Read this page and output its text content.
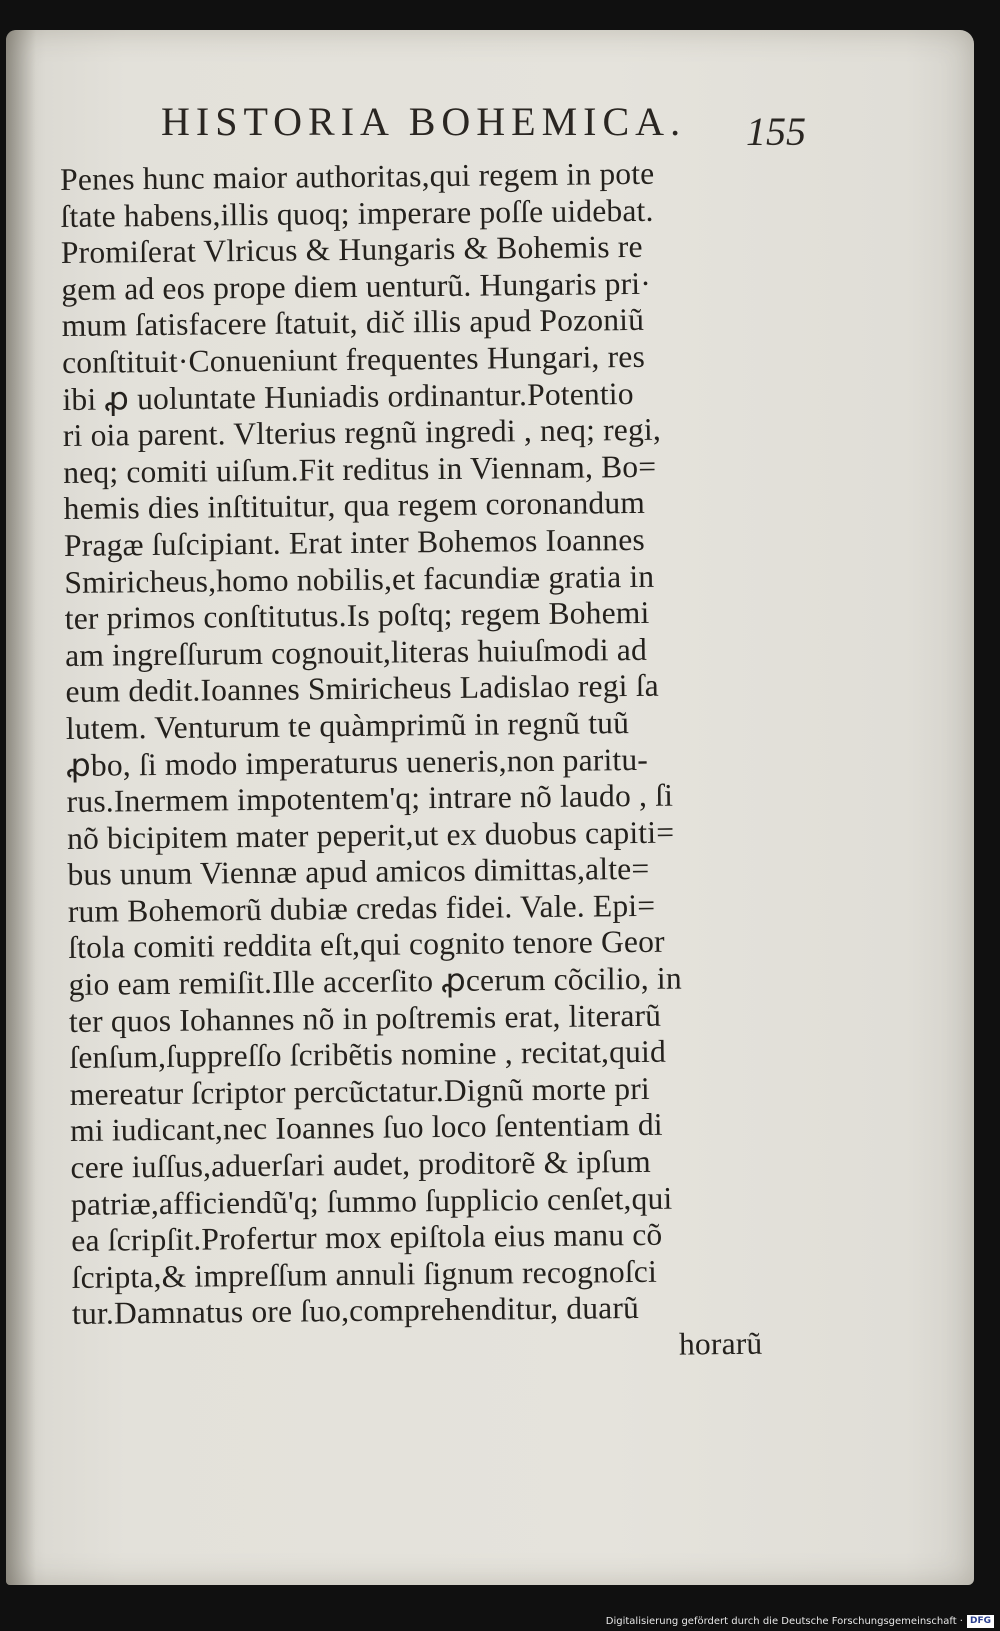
HISTORIA BOHEMICA. 155
Penes hunc maior authoritas,qui regem in pote
ſtate habens,illis quoq; imperare poſſe uidebat.
Promiſerat Vlricus & Hungaris & Bohemis re
gem ad eos prope diem uenturũ. Hungaris pri·
mum ſatisfacere ſtatuit, dič illis apud Pozoniũ
conſtituit·Conueniunt frequentes Hungari, res
ibi ꝓ uoluntate Huniadis ordinantur.Potentio
ri oia parent. Vlterius regnũ ingredi , neq; regi,
neq; comiti uiſum.Fit reditus in Viennam, Bo=
hemis dies inſtituitur, qua regem coronandum
Pragæ ſuſcipiant. Erat inter Bohemos Ioannes
Smiricheus,homo nobilis,et facundiæ gratia in
ter primos conſtitutus.Is poſtq; regem Bohemi
am ingreſſurum cognouit,literas huiuſmodi ad
eum dedit.Ioannes Smiricheus Ladislao regi ſa
lutem. Venturum te quàmprimũ in regnũ tuũ
ꝓbo, ſi modo imperaturus ueneris,non paritu-
rus.Inermem impotentem'q; intrare nõ laudo , ſi
nõ bicipitem mater peperit,ut ex duobus capiti=
bus unum Viennæ apud amicos dimittas,alte=
rum Bohemorũ dubiæ credas fidei. Vale. Epi=
ſtola comiti reddita eſt,qui cognito tenore Geor
gio eam remiſit.Ille accerſito ꝓcerum cõcilio, in
ter quos Iohannes nõ in poſtremis erat, literarũ
ſenſum,ſuppreſſo ſcribẽtis nomine , recitat,quid
mereatur ſcriptor percũctatur.Dignũ morte pri
mi iudicant,nec Ioannes ſuo loco ſententiam di
cere iuſſus,aduerſari audet, proditorẽ & ipſum
patriæ,afficiendũ'q; ſummo ſupplicio cenſet,qui
ea ſcripſit.Profertur mox epiſtola eius manu cõ
ſcripta,& impreſſum annuli ſignum recognoſci
tur.Damnatus ore ſuo,comprehenditur, duarũ
horarũ
Digitalisierung gefördert durch die Deutsche Forschungsgemeinschaft · DFG
